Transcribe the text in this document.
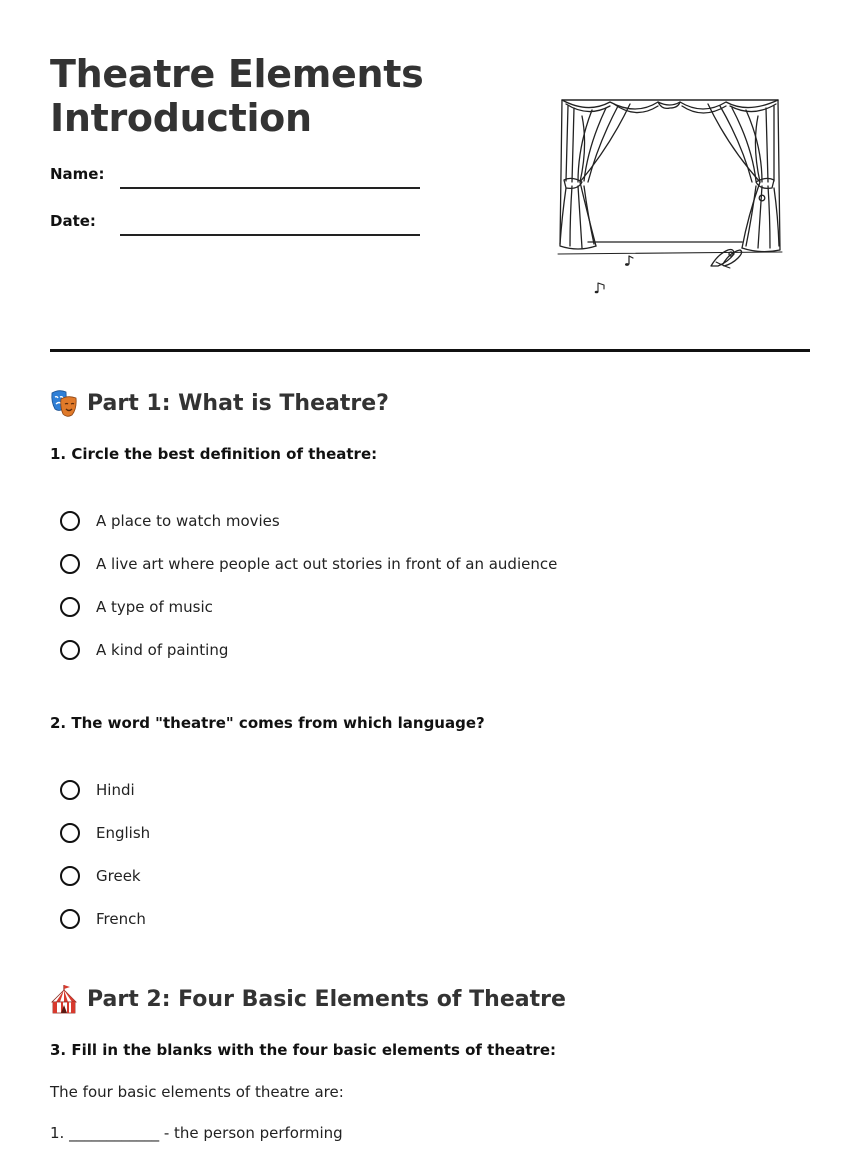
Theatre Elements
Introduction
Name:
Date:
Part 1: What is Theatre?
1. Circle the best definition of theatre:
A place to watch movies
A live art where people act out stories in front of an audience
A type of music
A kind of painting
2. The word "theatre" comes from which language?
Hindi
English
Greek
French
Part 2: Four Basic Elements of Theatre
3. Fill in the blanks with the four basic elements of theatre:
The four basic elements of theatre are:
1. ____________ - the person performing
